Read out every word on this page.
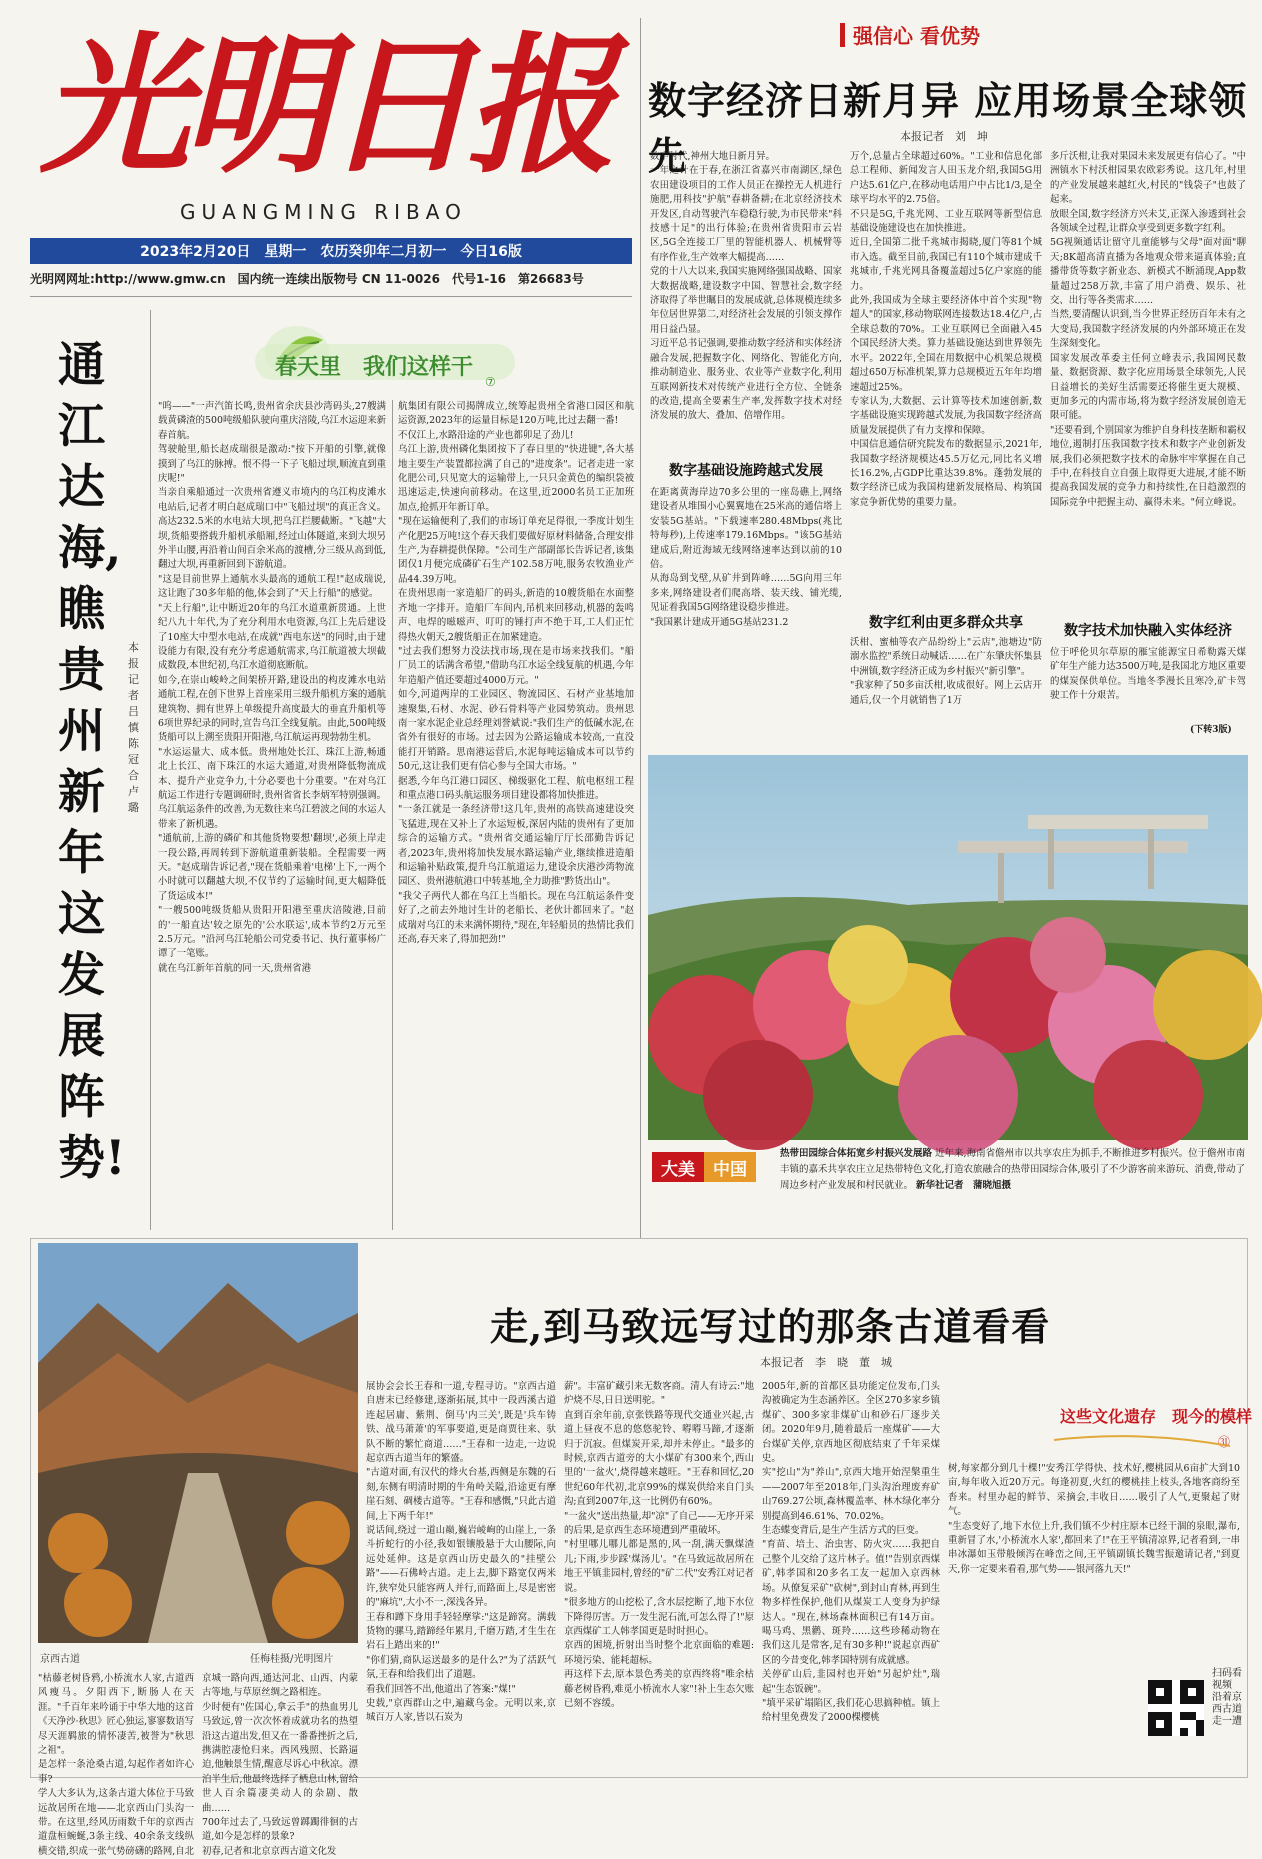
光明日报
GUANGMING RIBAO
2023年2月20日 星期一 农历癸卯年二月初一 今日16版
光明网网址:http://www.gmw.cn 国内统一连续出版物号 CN 11-0026 代号1-16 第26683号
强信心 看优势
数字经济日新月异 应用场景全球领先	本报记者　刘　坤
数字时代,神州大地日新月异。
一年之计在于春,在浙江省嘉兴市南湖区,绿色农田建设项目的工作人员正在操控无人机进行施肥,用科技"护航"春耕备耕;在北京经济技术开发区,自动驾驶汽车稳稳行驶,为市民带来"科技感十足"的出行体验;在贵州省贵阳市云岩区,5G全连接工厂里的智能机器人、机械臂等有序作业,生产效率大幅提高……
党的十八大以来,我国实施网络强国战略、国家大数据战略,建设数字中国、智慧社会,数字经济取得了举世瞩目的发展成就,总体规模连续多年位居世界第二,对经济社会发展的引领支撑作用日益凸显。
习近平总书记强调,要推动数字经济和实体经济融合发展,把握数字化、网络化、智能化方向,推动制造业、服务业、农业等产业数字化,利用互联网新技术对传统产业进行全方位、全链条的改造,提高全要素生产率,发挥数字技术对经济发展的放大、叠加、倍增作用。
数字基础设施跨越式发展
在距离黄海岸边70多公里的一座岛礁上,网络建设者从堆围小心翼翼地在25米高的通信塔上安装5G基站。"下载速率280.48Mbps(兆比特每秒),上传速率179.16Mbps。"该5G基站建成后,附近海域无线网络速率达到以前的10倍。
从海岛到戈壁,从矿井到阵峰……5G向用三年多来,网络建设者们爬高塔、装天线、铺光缆,见证着我国5G网络建设稳步推进。
"我国累计建成开通5G基站231.2
万个,总量占全球超过60%。"工业和信息化部总工程师、新闻发言人田玉龙介绍,我国5G用户达5.61亿户,在移动电话用户中占比1/3,是全球平均水平的2.75倍。
不只是5G,千兆光网、工业互联网等新型信息基础设施建设也在加快推进。
近日,全国第二批千兆城市揭晓,厦门等81个城市入选。截至目前,我国已有110个城市建成千兆城市,千兆光网具备覆盖超过5亿户家庭的能力。
此外,我国成为全球主要经济体中首个实现"物超人"的国家,移动物联网连接数达18.4亿户,占全球总数的70%。工业互联网已全面融入45个国民经济大类。算力基础设施达到世界领先水平。2022年,全国在用数据中心机架总规模超过650万标准机架,算力总规模近五年年均增速超过25%。
专家认为,大数据、云计算等技术加速创新,数字基础设施实现跨越式发展,为我国数字经济高质量发展提供了有力支撑和保障。
中国信息通信研究院发布的数据显示,2021年,我国数字经济规模达45.5万亿元,同比名义增长16.2%,占GDP比重达39.8%。蓬勃发展的数字经济已成为我国构建新发展格局、构筑国家竞争新优势的重要力量。
数字红利由更多群众共享
沃柑、蜜柚等农产品纷纷上"云店",池塘边"防溺水监控"系统日动喊话……在广东肇庆怀集县中洲镇,数字经济正成为乡村振兴"新引擎"。
"我家种了50多亩沃柑,收成很好。网上云店开通后,仅一个月就销售了1万
多斤沃柑,让我对果园未来发展更有信心了。"中洲镇水下村沃柑园果农欧彩秀说。这几年,村里的产业发展越来越红火,村民的"钱袋子"也鼓了起来。
放眼全国,数字经济方兴未艾,正深入渗透到社会各领域全过程,让群众享受到更多数字红利。
5G视频通话让留守儿童能够与父母"面对面"聊天;8K超高清直播为各地观众带来逼真体验;直播带货等数字新业态、新模式不断涌现,App数量超过258万款,丰富了用户消费、娱乐、社交、出行等各类需求……
当然,要清醒认识到,当今世界正经历百年未有之大变局,我国数字经济发展的内外部环境正在发生深刻变化。
国家发展改革委主任何立峰表示,我国网民数量、数据资源、数字化应用场景全球领先,人民日益增长的美好生活需要还将催生更大规模、更加多元的内需市场,将为数字经济发展创造无限可能。
"还要看到,个别国家为维护自身科技垄断和霸权地位,遏制打压我国数字技术和数字产业创新发展,我们必须把数字技术的命脉牢牢掌握在自己手中,在科技自立自强上取得更大进展,才能不断提高我国发展的竞争力和持续性,在日趋激烈的国际竞争中把握主动、赢得未来。"何立峰说。
数字技术加快融入实体经济
位于呼伦贝尔草原的雁宝能源宝日希勒露天煤矿年生产能力达3500万吨,是我国北方地区重要的煤炭保供单位。当地冬季漫长且寒冷,矿卡驾驶工作十分艰苦。
(下转3版)
通江达海,瞧贵州新年这发展阵势!
本报记者　吕　慎　陈冠合　卢　璐
春天里　我们这样干
⑦
"呜——"一声汽笛长鸣,贵州省余庆县沙湾码头,27艘满载黄磷渣的500吨级船队驶向重庆涪陵,乌江水运迎来新春首航。
驾驶舱里,船长赵成瑞很是激动:"按下开船的引擎,就像摸到了乌江的脉搏。恨不得一下子飞船过坝,顺流直到重庆呢!"
当亲自乘船通过一次贵州省遵义市境内的乌江构皮滩水电站后,记者才明白赵成瑞口中"飞船过坝"的真正含义。高达232.5米的水电站大坝,把乌江拦腰截断。"飞越"大坝,货船要搭载升船机承船厢,经过山体隧道,来到大坝另外半山腰,再沿着山间百余米高的渡槽,分三级从高到低,翻过大坝,再重新回到下游航道。
"这是目前世界上通航水头最高的通航工程!"赵成瑞说,这让跑了30多年船的他,体会到了"天上行船"的感觉。
"天上行船",让中断近20年的乌江水道重新贯通。上世纪八九十年代,为了充分利用水电资源,乌江上先后建设了10座大中型水电站,在成就"西电东送"的同时,由于建设能力有限,没有充分考虑通航需求,乌江航道被大坝截成数段,本世纪初,乌江水道彻底断航。
如今,在崇山峻岭之间架桥开路,建设出的构皮滩水电站通航工程,在创下世界上首座采用三级升船机方案的通航建筑物、拥有世界上单级提升高度最大的垂直升船机等6项世界纪录的同时,宣告乌江全线复航。由此,500吨级货船可以上溯至贵阳开阳港,乌江航运再现勃勃生机。
"水运运量大、成本低。贵州地处长江、珠江上游,畅通北上长江、南下珠江的水运大通道,对贵州降低物流成本、提升产业竞争力,十分必要也十分重要。"在对乌江航运工作进行专题调研时,贵州省省长李炳军特别强调。
乌江航运条件的改善,为无数往来乌江碧波之间的水运人带来了新机遇。
"通航前,上游的磷矿和其他货物要想'翻坝',必须上岸走一段公路,再周转到下游航道重新装船。全程需要一两天。"赵成瑞告诉记者,"现在货船乘着'电梯'上下,一两个小时就可以翻越大坝,不仅节约了运输时间,更大幅降低了货运成本!"
"一艘500吨级货船从贵阳开阳港至重庆涪陵港,目前的'一船直达'较之原先的'公水联运',成本节约2万元至2.5万元。"沿河乌江轮船公司党委书记、执行董事杨广谭了一笔账。
就在乌江新年首航的同一天,贵州省港
航集团有限公司揭牌成立,统筹起贵州全省港口园区和航运资源,2023年的运量目标是120万吨,比过去翻一番!
不仅江上,水路沿途的产业也都卯足了劲儿!
乌江上游,贵州磷化集团按下了春日里的"快进键",各大基地主要生产装置都拉满了自己的"进度条"。记者走进一家化肥公司,只见宽大的运输带上,一只只金黄色的编织袋被迅速运走,快速向前移动。在这里,近2000名员工正加班加点,抢抓开年新订单。
"现在运输便利了,我们的市场订单充足得很,一季度计划生产化肥25万吨!这个春天我们要做好原材料储备,合理安排生产,为春耕提供保障。"公司生产部副部长告诉记者,该集团仅1月便完成磷矿石生产102.58万吨,服务农牧渔业产品44.39万吨。
在贵州思南一家造船厂的码头,新造的10艘货船在水面整齐地一字排开。造船厂车间内,吊机来回移动,机器的轰鸣声、电焊的嗞嗞声、叮叮的锤打声不绝于耳,工人们正忙得热火朝天,2艘货船正在加紧建造。
"过去我们想努力没法找市场,现在是市场来找我们。"船厂员工的话满含希望,"借助乌江水运全线复航的机遇,今年年造船产值还要超过4000万元。"
如今,河道两岸的工业园区、物流园区、石材产业基地加速聚集,石材、水泥、砂石骨料等产业园势筑动。贵州思南一家水泥企业总经理刘誉斌说:"我们生产的低碱水泥,在省外有很好的市场。过去因为公路运输成本较高,一直没能打开销路。思南港运营后,水泥每吨运输成本可以节约50元,这让我们更有信心参与全国大市场。"
据悉,今年乌江港口园区、梯级驱化工程、航电枢纽工程和重点港口码头航运服务项目建设都将加快推进。
"一条江就是一条经济带!这几年,贵州的高铁高速建设突飞猛进,现在又补上了水运短板,深居内陆的贵州有了更加综合的运输方式。"贵州省交通运输厅厅长邵勤告诉记者,2023年,贵州将加快发展水路运输产业,继续推进造船和运输补贴政策,提升乌江航道运力,建设余庆港沙湾物流园区、贵州港航港口中转基地,全力助推"黔货出山"。
"我父子两代人都在乌江上当船长。现在乌江航运条件变好了,之前去外地讨生计的老船长、老伙计都回来了。"赵成瑞对乌江的未来满怀期待,"现在,年轻船员的热情比我们还高,春天来了,得加把劲!"
大美	中国
热带田园综合体拓宽乡村振兴发展路 近年来,海南省儋州市以共享农庄为抓手,不断推进乡村振兴。位于儋州市南丰镇的嘉禾共享农庄立足热带特色文化,打造农旅融合的热带田园综合体,吸引了不少游客前来游玩、消费,带动了周边乡村产业发展和村民就业。 新华社记者　蒲晓旭摄
京西古道	任梅桂摄/光明图片
走,到马致远写过的那条古道看看
本报记者　李　晓　董　城
这些文化遗存　现今的模样
㉛
"枯藤老树昏鸦,小桥流水人家,古道西风瘦马。夕阳西下,断肠人在天涯。"千百年来吟诵于中华大地的这首《天净沙·秋思》匠心独运,寥寥数语写尽天涯羁旅的情怀凄苦,被誉为"秋思之祖"。
是怎样一条沧桑古道,勾起作者如许心事?
学人大多认为,这条古道大体位于马致远故居所在地——北京西山门头沟一带。在这里,经风历雨数千年的京西古道盘桓蜿蜒,3条主线、40余条支线纵横交错,织成一张气势磅礴的路网,自北
京城一路向西,通达河北、山西、内蒙古等地,与草原丝绸之路相连。
少时便有"佐国心,拿云手"的热血男儿马致远,曾一次次怀着成就功名的热望沿这古道出发,但又在一番番挫折之后,携满腔凄怆归来。西风残照、长路逼迫,他触景生情,醒意尽诉心中秋凉。漂泊半生后,他最终选择了栖息山林,留给世人百余篇凄美动人的杂剧、散曲……
700年过去了,马致远曾踯躅徘徊的古道,如今是怎样的景象?
初春,记者和北京京西古道文化发
展协会会长王春和一道,专程寻访。"京西古道自唐末已经修建,逐渐拓展,其中一段西溪古道连起居庸、紫荆、倒马'内三关',既是'兵车铸铁、战马萧萧'的军事要道,更是商贾往来、驮队不断的繁忙商道……"王春和一边走,一边说起京西古道当年的繁盛。
"古道对面,有汉代的烽火台基,西侧是东魏的石刻,东侧有明清时期的牛角岭关隘,沿途更有摩崖石刻、碉楼古道等。"王春和感慨,"只此古道间,上下两千年!"
说话间,绕过一道山巅,巍岩崚峋的山崖上,一条斗折蛇行的小径,我如银镶般悬于大山腰际,向远处延伸。这是京西山历史最久的"挂壁公路"——石佛岭古道。走上去,脚下路宽仅两米许,狭窄处只能容两人并行,而路面上,尽是密密的"麻坑",大小不一,深浅各异。
王春和蹲下身用手轻轻摩挲:"这是蹄窝。满载货物的骡马,踏蹄经年累月,千磨万踏,才生生在岩石上踏出来的!"
"你们猜,商队运送最多的是什么?"为了活跃气氛,王春和给我们出了道题。
看我们回答不出,他道出了答案:"煤!"
史载,"京西群山之中,遍藏乌金。元明以来,京城百万人家,皆以石炭为
薪"。丰富矿藏引来无数客商。清人有诗云:"地炉烧不尽,日日送明驼。"
直到百余年前,京张铁路等现代交通业兴起,古道上昼夜不息的悠悠驼铃、嘚嘚马蹄,才逐渐归于沉寂。但煤炭开采,却并未停止。"最多的时候,京西古道旁的大小煤矿有300来个,西山里的'一盆火',烧得越来越旺。"王春和回忆,20世纪60年代初,北京99%的煤炭供给来自门头沟;直到2007年,这一比例仍有60%。
"一盆火"送出热量,却"凉"了自己——无序开采的后果,是京西生态环境遭到严重破坏。
"村里哪儿哪儿都是黑的,风一刮,满天飘煤渣儿;下雨,步步踩'煤汤儿'。"在马致远故居所在地王平镇韭园村,曾经的"矿二代"安秀江对记者说。
"很多地方的山挖松了,含水层挖断了,地下水位下降得厉害。万一发生泥石流,可怎么得了!"原京西煤矿工人韩孝国更是时时担心。
京西的困境,折射出当时整个北京面临的难题:环境污染、能耗超标。
再这样下去,原本景色秀美的京西终将"唯余枯藤老树昏鸦,难觅小桥流水人家"!补上生态欠账已刻不容缓。
2005年,新的首都区县功能定位发布,门头沟被确定为生态涵养区。全区270多家乡镇煤矿、300多家非煤矿山和砂石厂逐步关闭。2020年9月,随着最后一座煤矿——大台煤矿关停,京西地区彻底结束了千年采煤史。
实"挖山"为"养山",京西大地开始涅槃重生——2007年至2018年,门头沟治理废弃矿山769.27公顷,森林覆盖率、林木绿化率分别提高到46.61%、70.02%。
生态蝶变背后,是生产生活方式的巨变。
"育苗、培土、治虫害、防火灾……我把自己整个儿交给了这片林子。值!"告别京西煤矿,韩孝国和20多名工友一起加入京西林场。从僚复采矿"砍树",到封山育林,再到生物多样性保护,他们从煤炭工人变身为护绿达人。"现在,林场森林面积已有14万亩。喝马鸡、黑鹳、斑羚……这些珍稀动物在我们这儿是常客,足有30多种!"说起京西矿区的今昔变化,韩孝国特别有成就感。
关停矿山后,韭园村也开始"另起炉灶",瑞起"生态饭碗"。
"填平采矿塌陷区,我们花心思搞种植。镇上给村里免费发了2000棵樱桃
树,每家都分到几十棵!"安秀江学得快、技术好,樱桃园从6亩扩大到10亩,每年收入近20万元。每逢初夏,火红的樱桃挂上枝头,各地客商纷至沓来。村里办起的鲜节、采摘会,丰收日……吸引了人气,更聚起了财气。
"生态变好了,地下水位上升,我们镇不少村庄原本已经干涸的泉眼,瀑布,重新冒了水,'小桥流水人家',都回来了!"在王平镇清凉界,记者看到,一串串冰瀑如玉带般倾泻在峰峦之间,王平镇副镇长魏雪振邀请记者,"到夏天,你一定要来看看,那气势——银河落九天!"
扫码看视频　沿着京西古道走一遭
